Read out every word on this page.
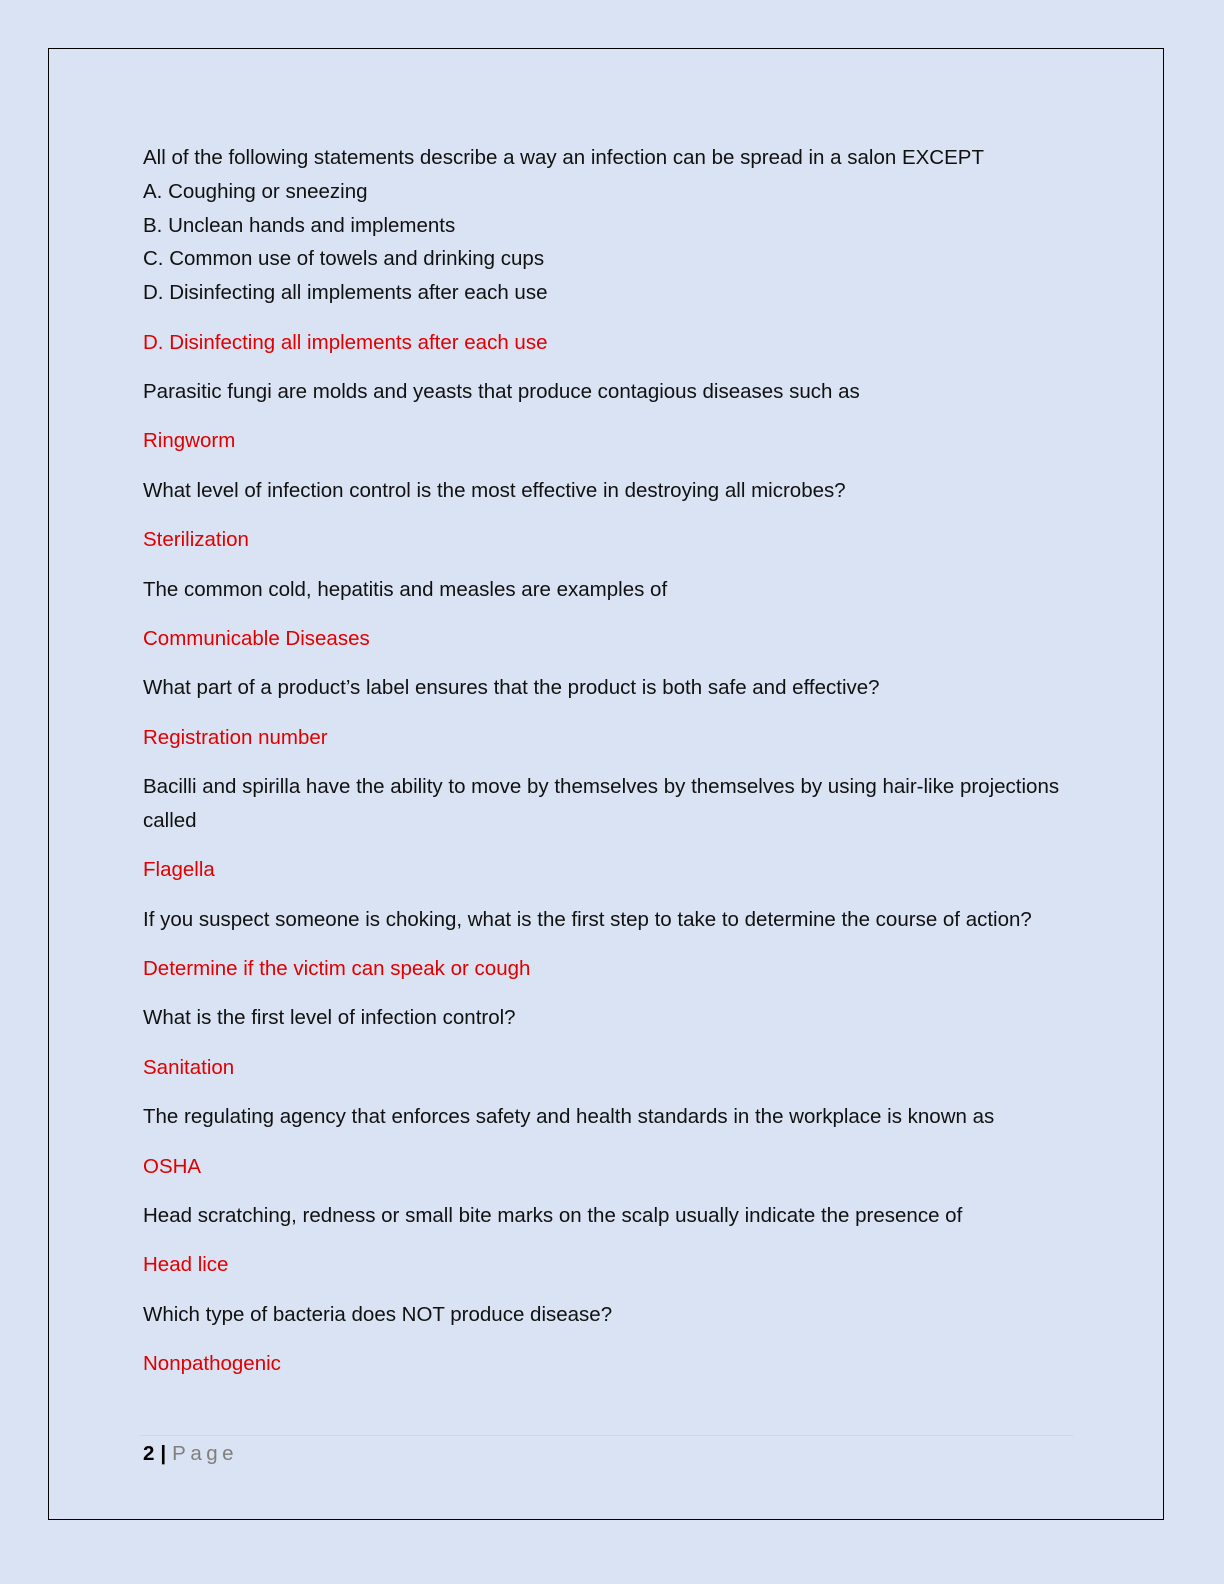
All of the following statements describe a way an infection can be spread in a salon EXCEPT
A. Coughing or sneezing
B. Unclean hands and implements
C. Common use of towels and drinking cups
D. Disinfecting all implements after each use
D. Disinfecting all implements after each use
Parasitic fungi are molds and yeasts that produce contagious diseases such as
Ringworm
What level of infection control is the most effective in destroying all microbes?
Sterilization
The common cold, hepatitis and measles are examples of
Communicable Diseases
What part of a product’s label ensures that the product is both safe and effective?
Registration number
Bacilli and spirilla have the ability to move by themselves by themselves by using hair-like projections called
Flagella
If you suspect someone is choking, what is the first step to take to determine the course of action?
Determine if the victim can speak or cough
What is the first level of infection control?
Sanitation
The regulating agency that enforces safety and health standards in the workplace is known as
OSHA
Head scratching, redness or small bite marks on the scalp usually indicate the presence of
Head lice
Which type of bacteria does NOT produce disease?
Nonpathogenic
2 | Page
